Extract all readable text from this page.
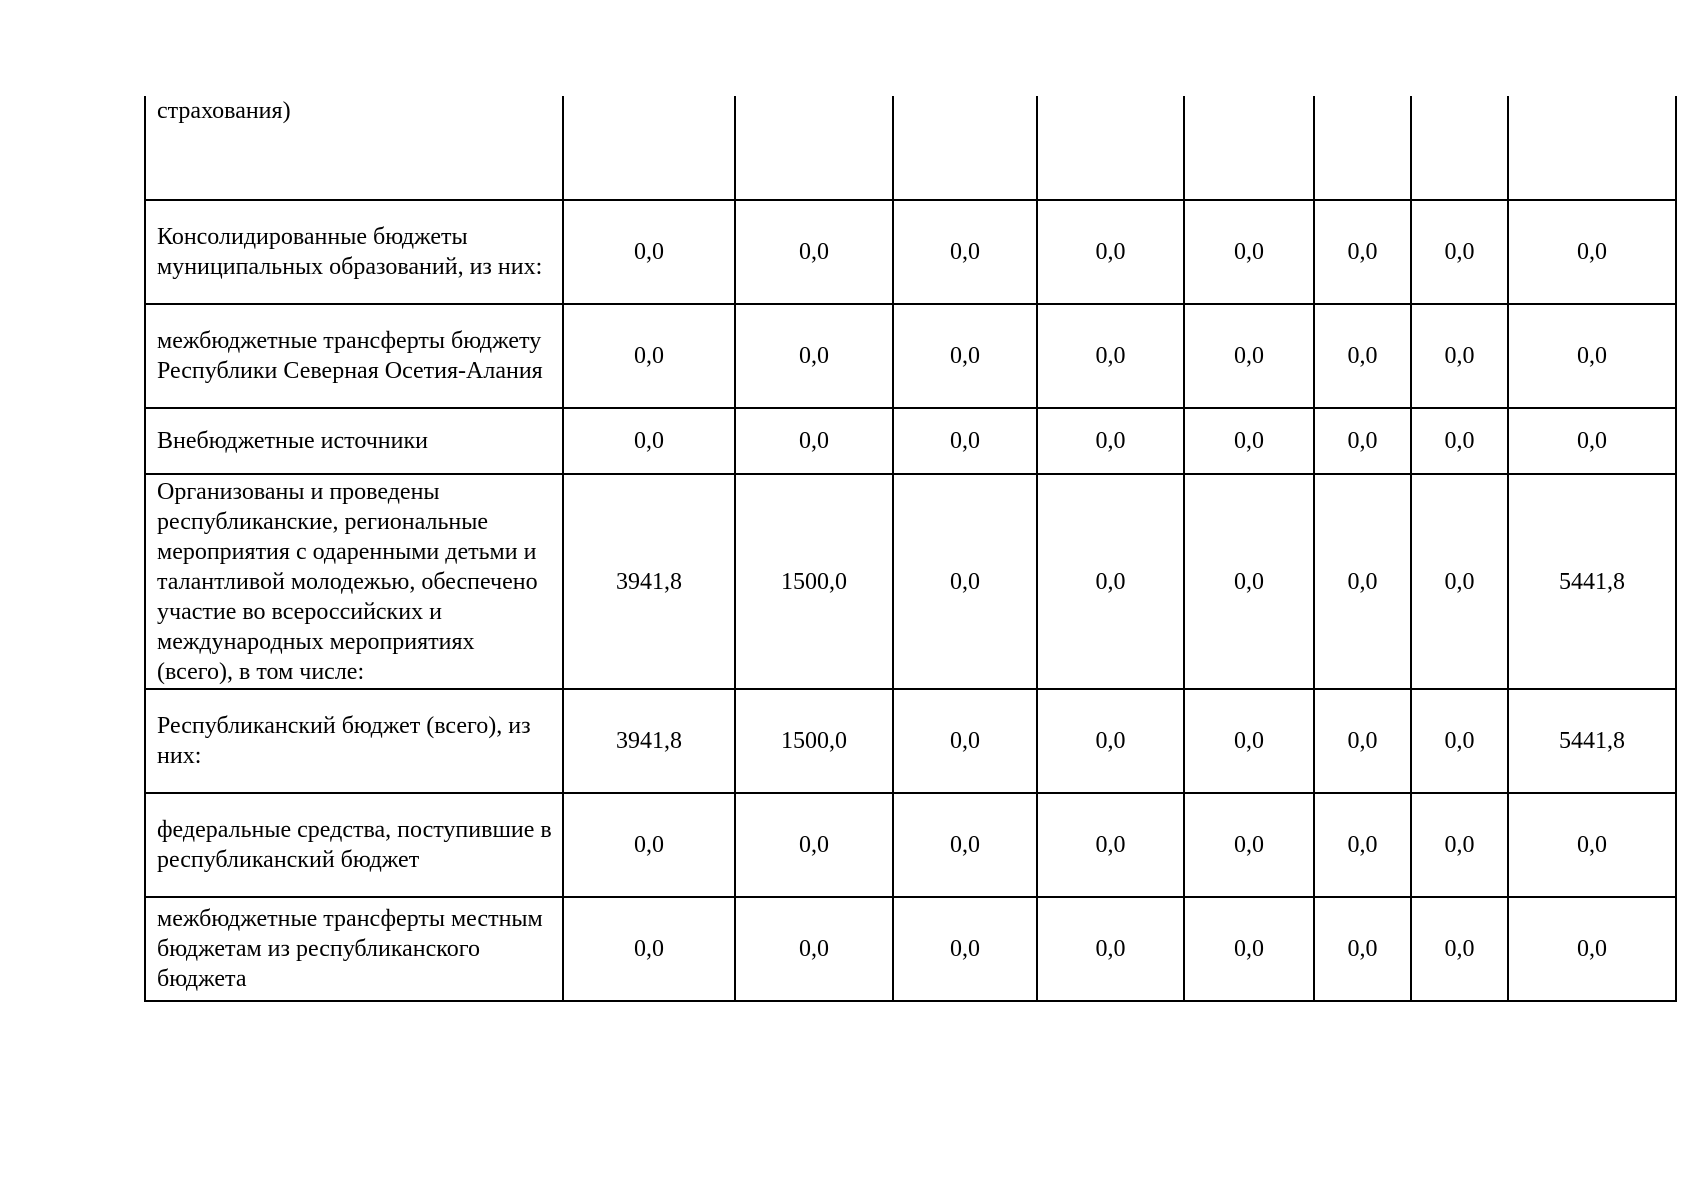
страхования)								
Консолидированные бюджеты муниципальных образований, из них:	0,0	0,0	0,0	0,0	0,0	0,0	0,0	0,0
межбюджетные трансферты бюджету Республики Северная Осетия-Алания	0,0	0,0	0,0	0,0	0,0	0,0	0,0	0,0
Внебюджетные источники	0,0	0,0	0,0	0,0	0,0	0,0	0,0	0,0
Организованы и проведены республиканские, региональные мероприятия с одаренными детьми и талантливой молодежью, обеспечено участие во всероссийских и международных мероприятиях (всего), в том числе:	3941,8	1500,0	0,0	0,0	0,0	0,0	0,0	5441,8
Республиканский бюджет (всего), из них:	3941,8	1500,0	0,0	0,0	0,0	0,0	0,0	5441,8
федеральные средства, поступившие в республиканский бюджет	0,0	0,0	0,0	0,0	0,0	0,0	0,0	0,0
межбюджетные трансферты местным бюджетам из республиканского бюджета	0,0	0,0	0,0	0,0	0,0	0,0	0,0	0,0
